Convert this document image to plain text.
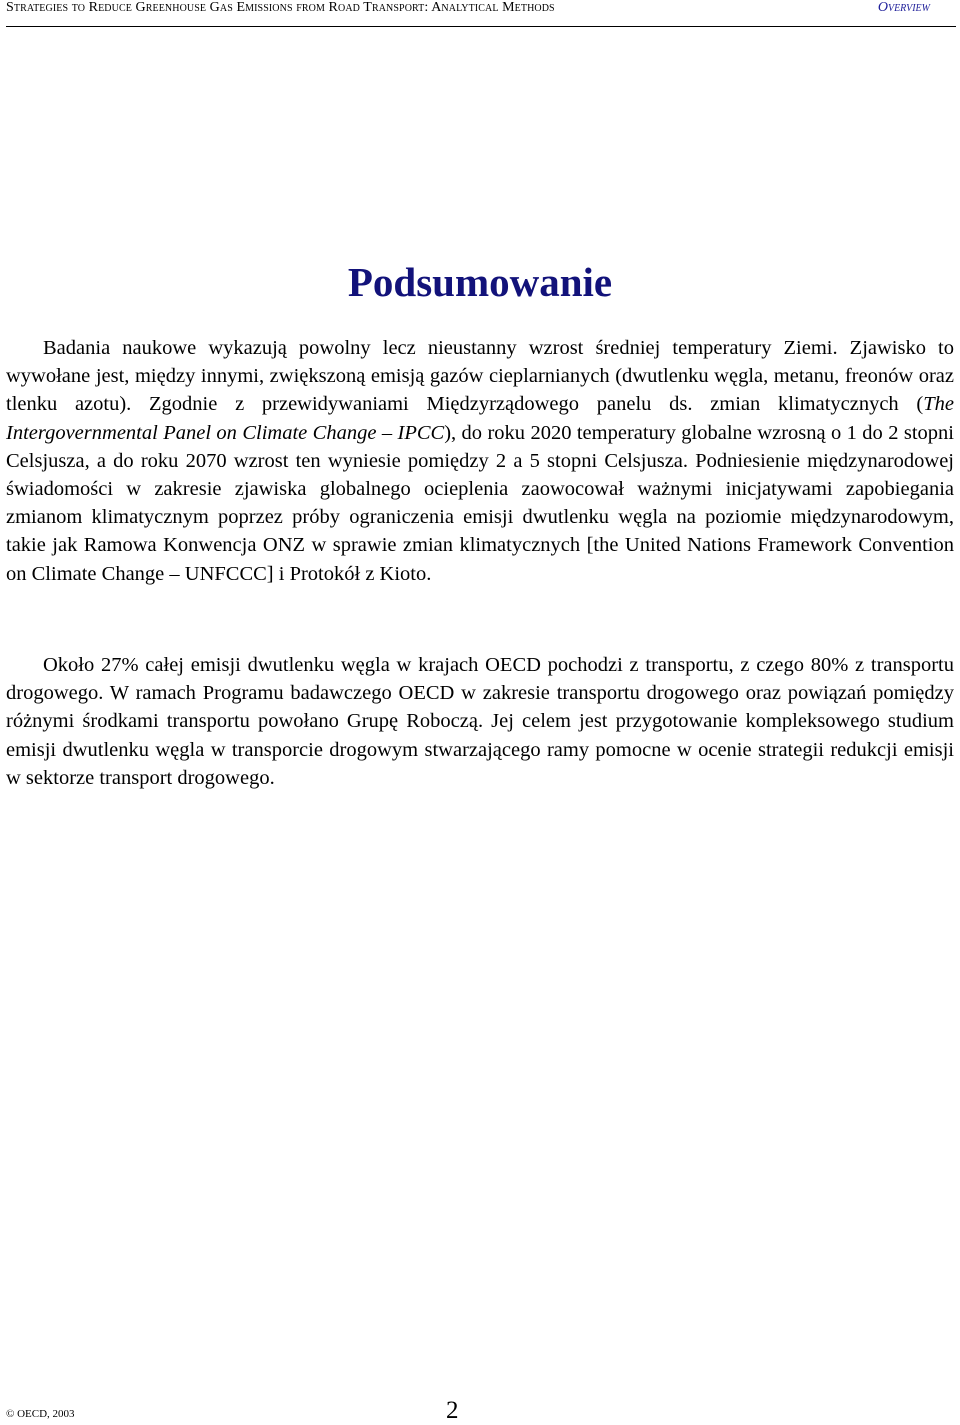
Strategies to Reduce Greenhouse Gas Emissions from Road Transport: Analytical Methods	Overview
Podsumowanie

Badania naukowe wykazują powolny lecz nieustanny wzrost średniej temperatury Ziemi. Zjawisko to wywołane jest, między innymi, zwiększoną emisją gazów cieplarnianych (dwutlenku węgla, metanu, freonów oraz tlenku azotu). Zgodnie z przewidywaniami Międzyrządowego panelu ds. zmian klimatycznych (The Intergovernmental Panel on Climate Change – IPCC), do roku 2020 temperatury globalne wzrosną o 1 do 2 stopni Celsjusza, a do roku 2070 wzrost ten wyniesie pomiędzy 2 a 5 stopni Celsjusza. Podniesienie międzynarodowej świadomości w zakresie zjawiska globalnego ocieplenia zaowocował ważnymi inicjatywami zapobiegania zmianom klimatycznym poprzez próby ograniczenia emisji dwutlenku węgla na poziomie międzynarodowym, takie jak Ramowa Konwencja ONZ w sprawie zmian klimatycznych [the United Nations Framework Convention on Climate Change – UNFCCC] i Protokół z Kioto.

Około 27% całej emisji dwutlenku węgla w krajach OECD pochodzi z transportu, z czego 80% z transportu drogowego. W ramach Programu badawczego OECD w zakresie transportu drogowego oraz powiązań pomiędzy różnymi środkami transportu powołano Grupę Roboczą. Jej celem jest przygotowanie kompleksowego studium emisji dwutlenku węgla w transporcie drogowym stwarzającego ramy pomocne w ocenie strategii redukcji emisji w sektorze transport drogowego.

© OECD, 2003	2
